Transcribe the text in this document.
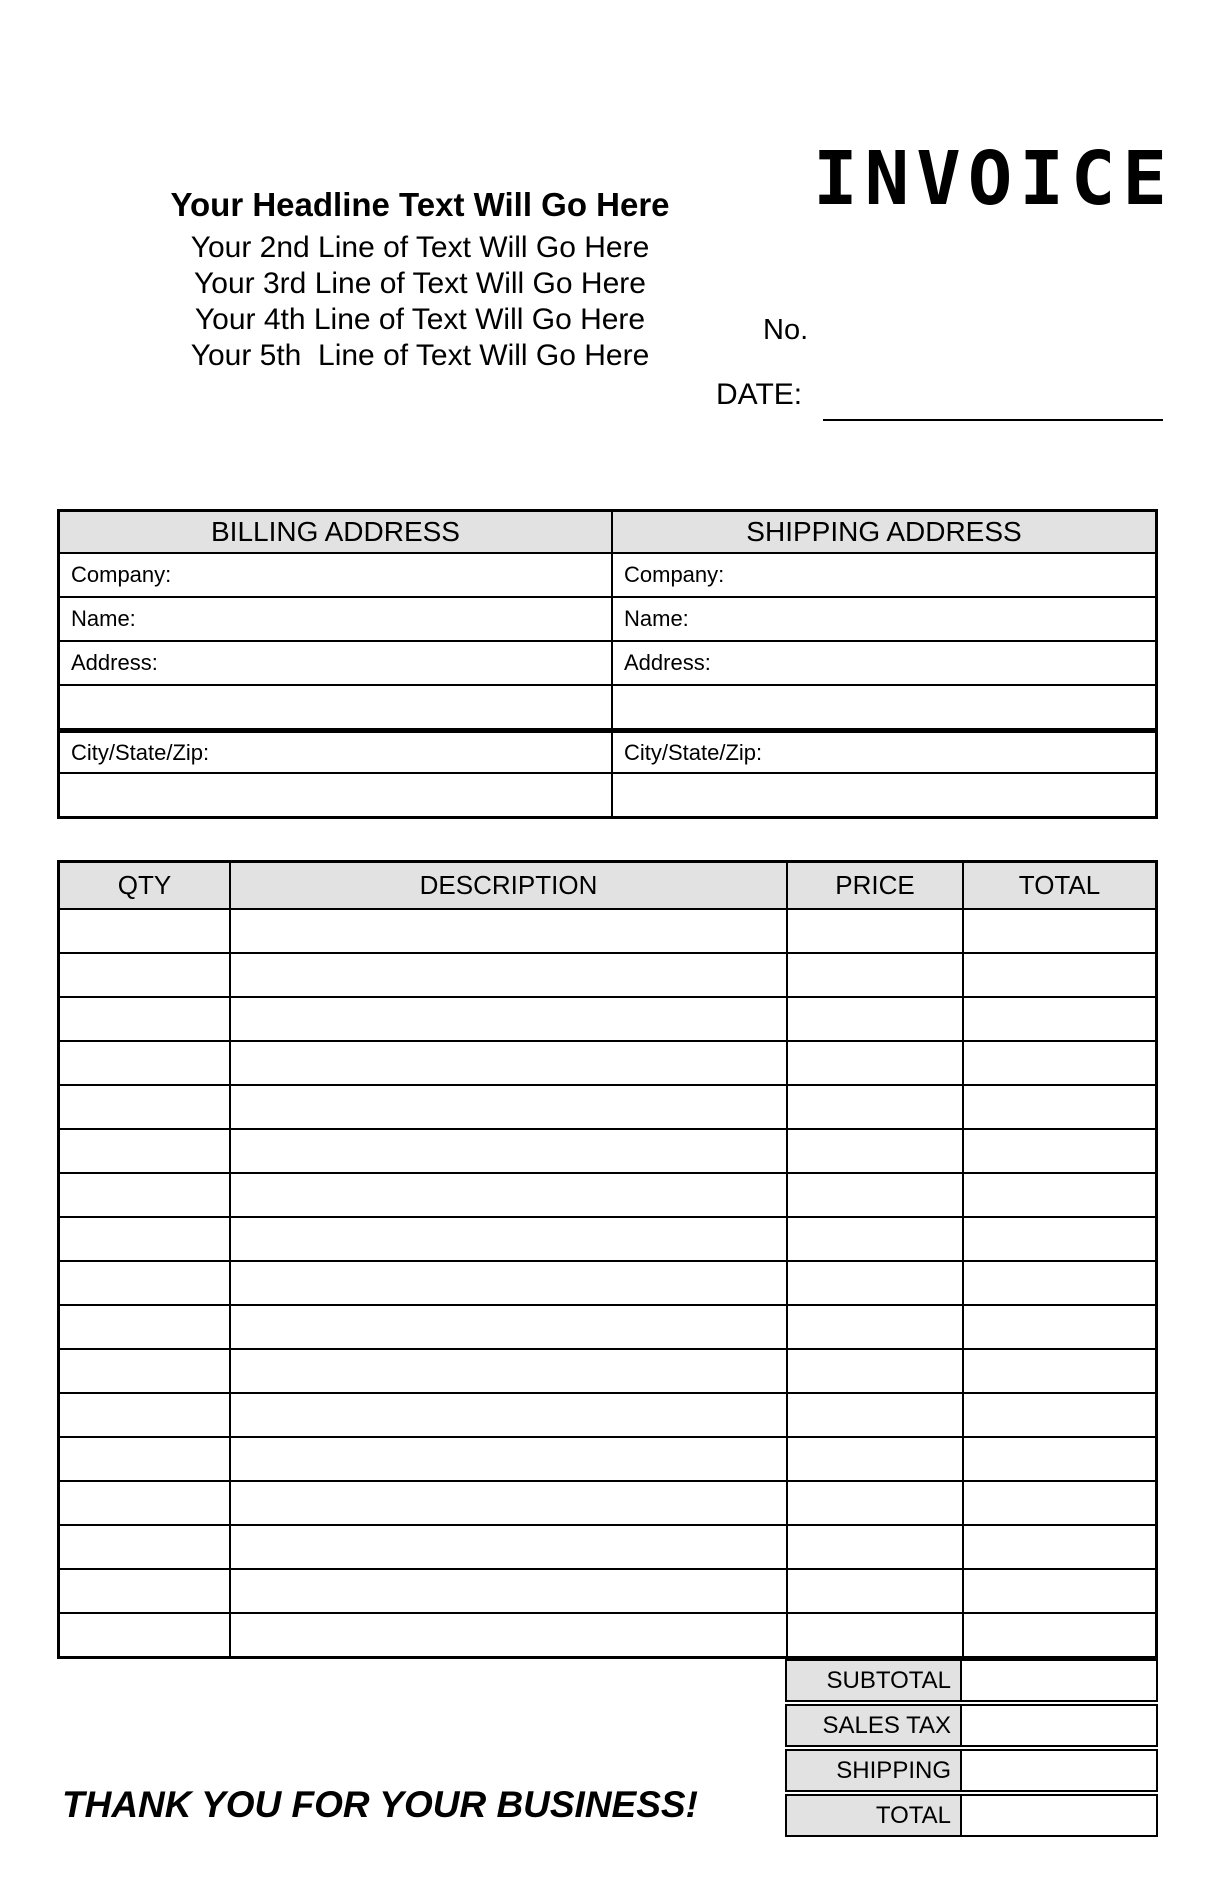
Your Headline Text Will Go Here
Your 2nd Line of Text Will Go Here
Your 3rd Line of Text Will Go Here
Your 4th Line of Text Will Go Here
Your 5th  Line of Text Will Go Here
INVOICE
No.
DATE:
BILLING ADDRESS	SHIPPING ADDRESS
Company:	Company:
Name:	Name:
Address:	Address:
City/State/Zip:	City/State/Zip:
QTY	DESCRIPTION	PRICE	TOTAL
SUBTOTAL
SALES TAX
SHIPPING
TOTAL
THANK YOU FOR YOUR BUSINESS!
